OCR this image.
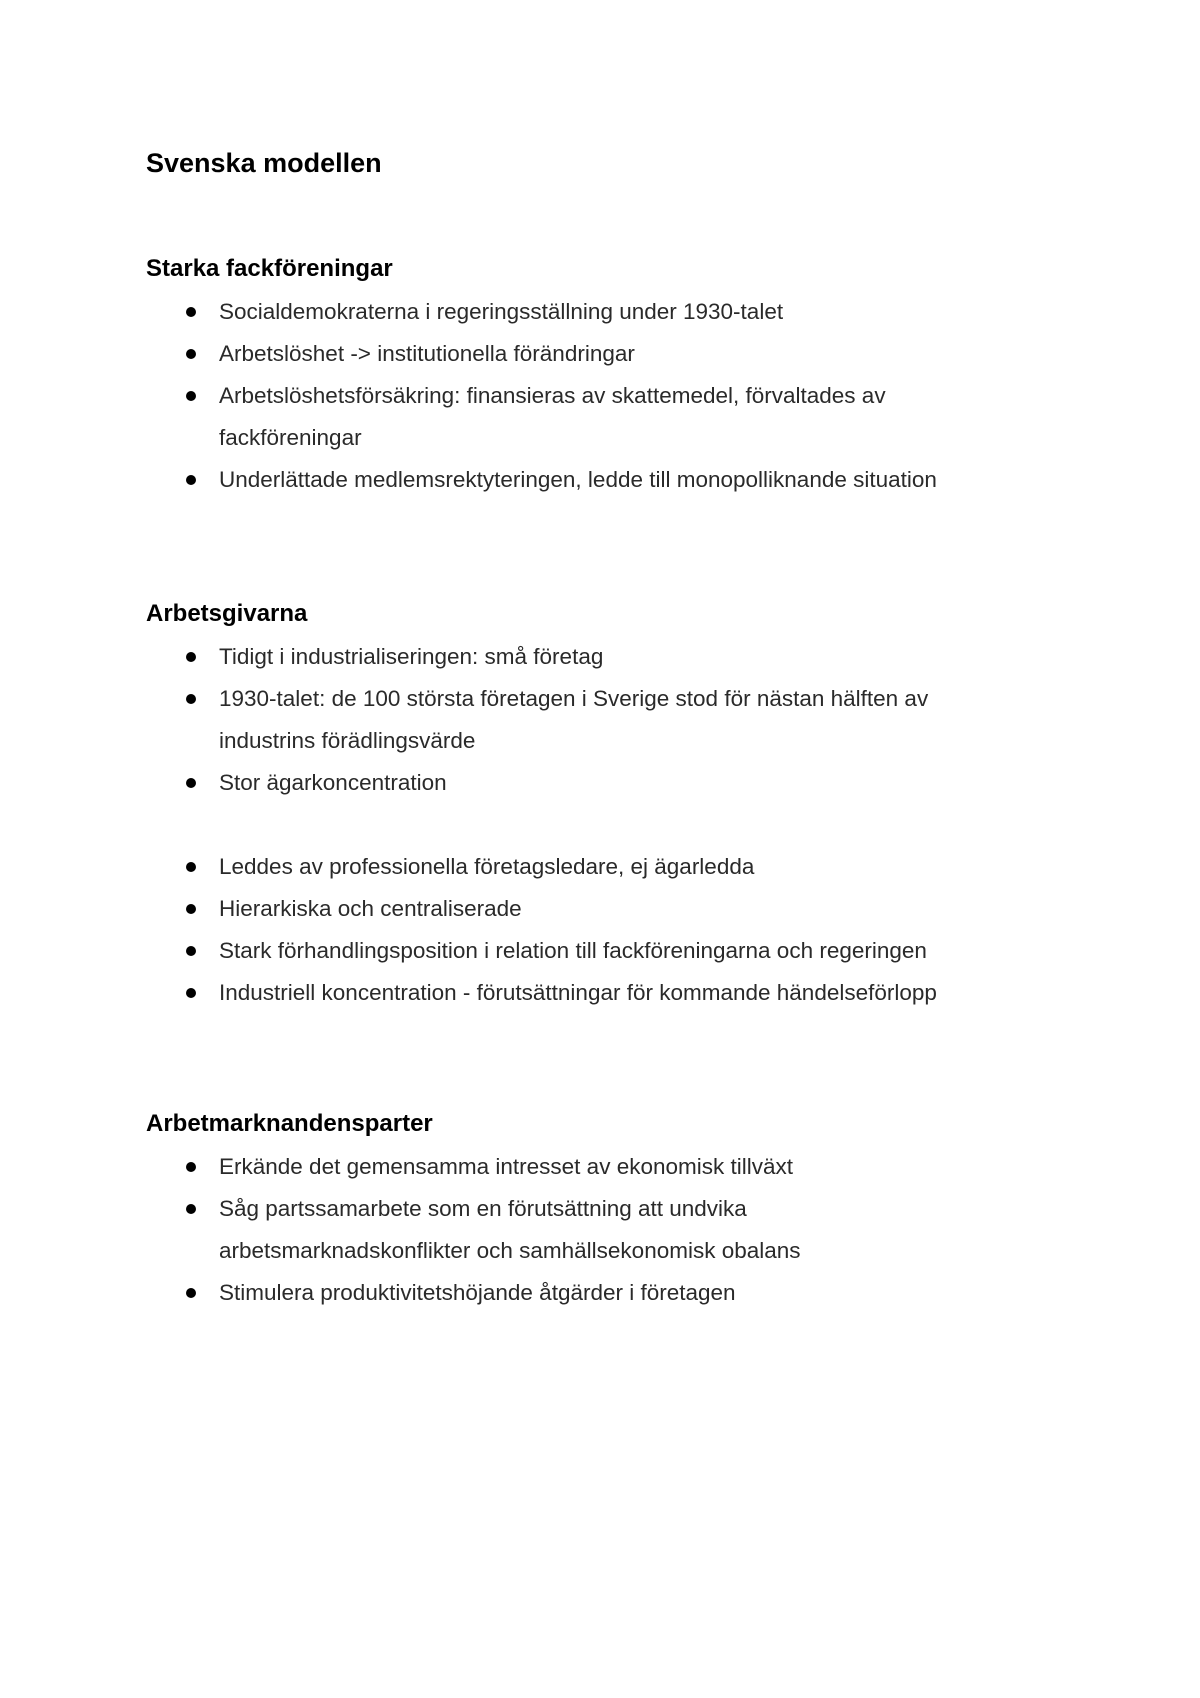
Svenska modellen
Starka fackföreningar
Socialdemokraterna i regeringsställning under 1930-talet
Arbetslöshet -> institutionella förändringar
Arbetslöshetsförsäkring: finansieras av skattemedel, förvaltades av fackföreningar
Underlättade medlemsrektyteringen, ledde till monopolliknande situation
Arbetsgivarna
Tidigt i industrialiseringen: små företag
1930-talet: de 100 största företagen i Sverige stod för nästan hälften av industrins förädlingsvärde
Stor ägarkoncentration
Leddes av professionella företagsledare, ej ägarledda
Hierarkiska och centraliserade
Stark förhandlingsposition i relation till fackföreningarna och regeringen
Industriell koncentration - förutsättningar för kommande händelseförlopp
Arbetmarknandensparter
Erkände det gemensamma intresset av ekonomisk tillväxt
Såg partssamarbete som en förutsättning att undvika arbetsmarknadskonflikter och samhällsekonomisk obalans
Stimulera produktivitetshöjande åtgärder i företagen
